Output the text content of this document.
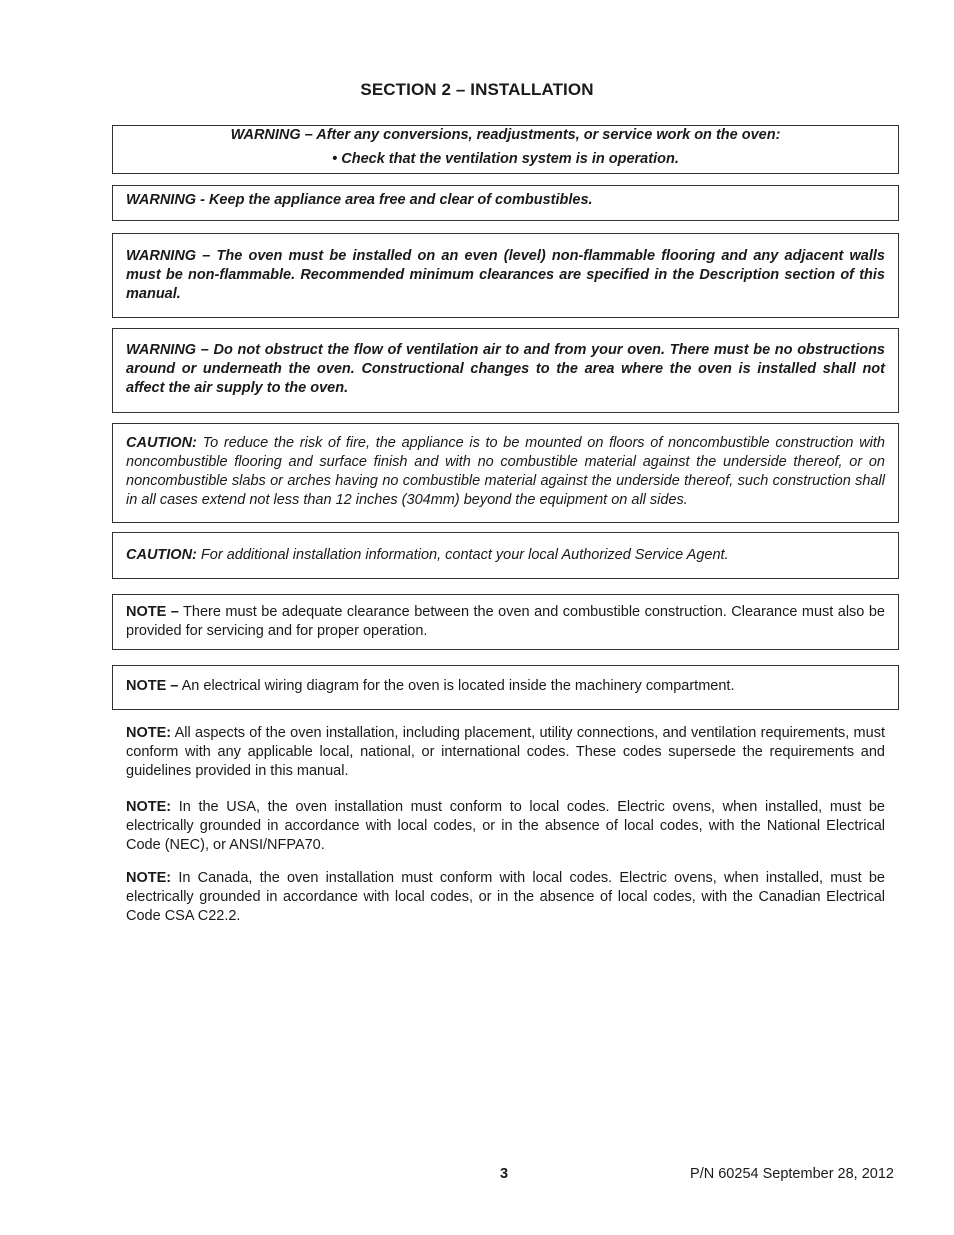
SECTION 2 – INSTALLATION
WARNING – After any conversions, readjustments, or service work on the oven:
• Check that the ventilation system is in operation.
WARNING - Keep the appliance area free and clear of combustibles.
WARNING – The oven must be installed on an even (level) non-flammable flooring and any adjacent walls must be non-flammable. Recommended minimum clearances are specified in the Description section of this manual.
WARNING – Do not obstruct the flow of ventilation air to and from your oven. There must be no obstructions around or underneath the oven. Constructional changes to the area where the oven is installed shall not affect the air supply to the oven.
CAUTION: To reduce the risk of fire, the appliance is to be mounted on floors of noncombustible construction with noncombustible flooring and surface finish and with no combustible material against the underside thereof, or on noncombustible slabs or arches having no combustible material against the underside thereof, such construction shall in all cases extend not less than 12 inches (304mm) beyond the equipment on all sides.
CAUTION: For additional installation information, contact your local Authorized Service Agent.
NOTE – There must be adequate clearance between the oven and combustible construction. Clearance must also be provided for servicing and for proper operation.
NOTE – An electrical wiring diagram for the oven is located inside the machinery compartment.
NOTE: All aspects of the oven installation, including placement, utility connections, and ventilation requirements, must conform with any applicable local, national, or international codes. These codes supersede the requirements and guidelines provided in this manual.
NOTE: In the USA, the oven installation must conform to local codes. Electric ovens, when installed, must be electrically grounded in accordance with local codes, or in the absence of local codes, with the National Electrical Code (NEC), or ANSI/NFPA70.
NOTE: In Canada, the oven installation must conform with local codes. Electric ovens, when installed, must be electrically grounded in accordance with local codes, or in the absence of local codes, with the Canadian Electrical Code CSA C22.2.
3	P/N 60254 September 28, 2012
